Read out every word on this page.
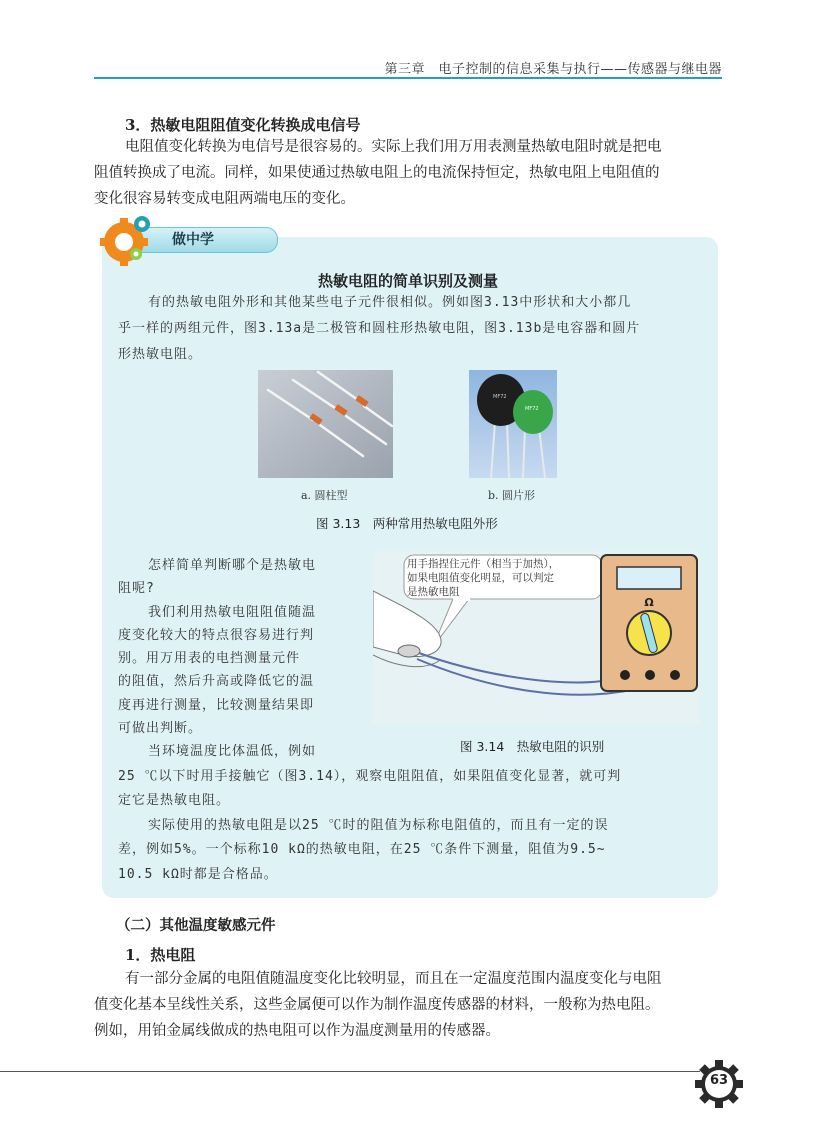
第三章　电子控制的信息采集与执行——传感器与继电器
3．热敏电阻阻值变化转换成电信号
电阻值变化转换为电信号是很容易的。实际上我们用万用表测量热敏电阻时就是把电
阻值转换成了电流。同样，如果使通过热敏电阻上的电流保持恒定，热敏电阻上电阻值的
变化很容易转变成电阻两端电压的变化。
做中学
热敏电阻的简单识别及测量
有的热敏电阻外形和其他某些电子元件很相似。例如图3.13中形状和大小都几
乎一样的两组元件，图3.13a是二极管和圆柱形热敏电阻，图3.13b是电容器和圆片
形热敏电阻。
MF72
MF72
a. 圆柱型	b. 圆片形
图 3.13　两种常用热敏电阻外形
怎样简单判断哪个是热敏电
阻呢?
我们利用热敏电阻阻值随温
度变化较大的特点很容易进行判
别。用万用表的电挡测量元件
的阻值，然后升高或降低它的温
度再进行测量，比较测量结果即
可做出判断。
当环境温度比体温低，例如
Ω
用手指捏住元件（相当于加热），
如果电阻值变化明显，可以判定
是热敏电阻
图 3.14　热敏电阻的识别
25 ℃以下时用手接触它（图3.14），观察电阻阻值，如果阻值变化显著，就可判
定它是热敏电阻。
实际使用的热敏电阻是以25 ℃时的阻值为标称电阻值的，而且有一定的误
差，例如5%。一个标称10 kΩ的热敏电阻，在25 ℃条件下测量，阻值为9.5~
10.5 kΩ时都是合格品。
（二）其他温度敏感元件
1．热电阻
有一部分金属的电阻值随温度变化比较明显，而且在一定温度范围内温度变化与电阻
值变化基本呈线性关系，这些金属便可以作为制作温度传感器的材料，一般称为热电阻。
例如，用铂金属线做成的热电阻可以作为温度测量用的传感器。
63
